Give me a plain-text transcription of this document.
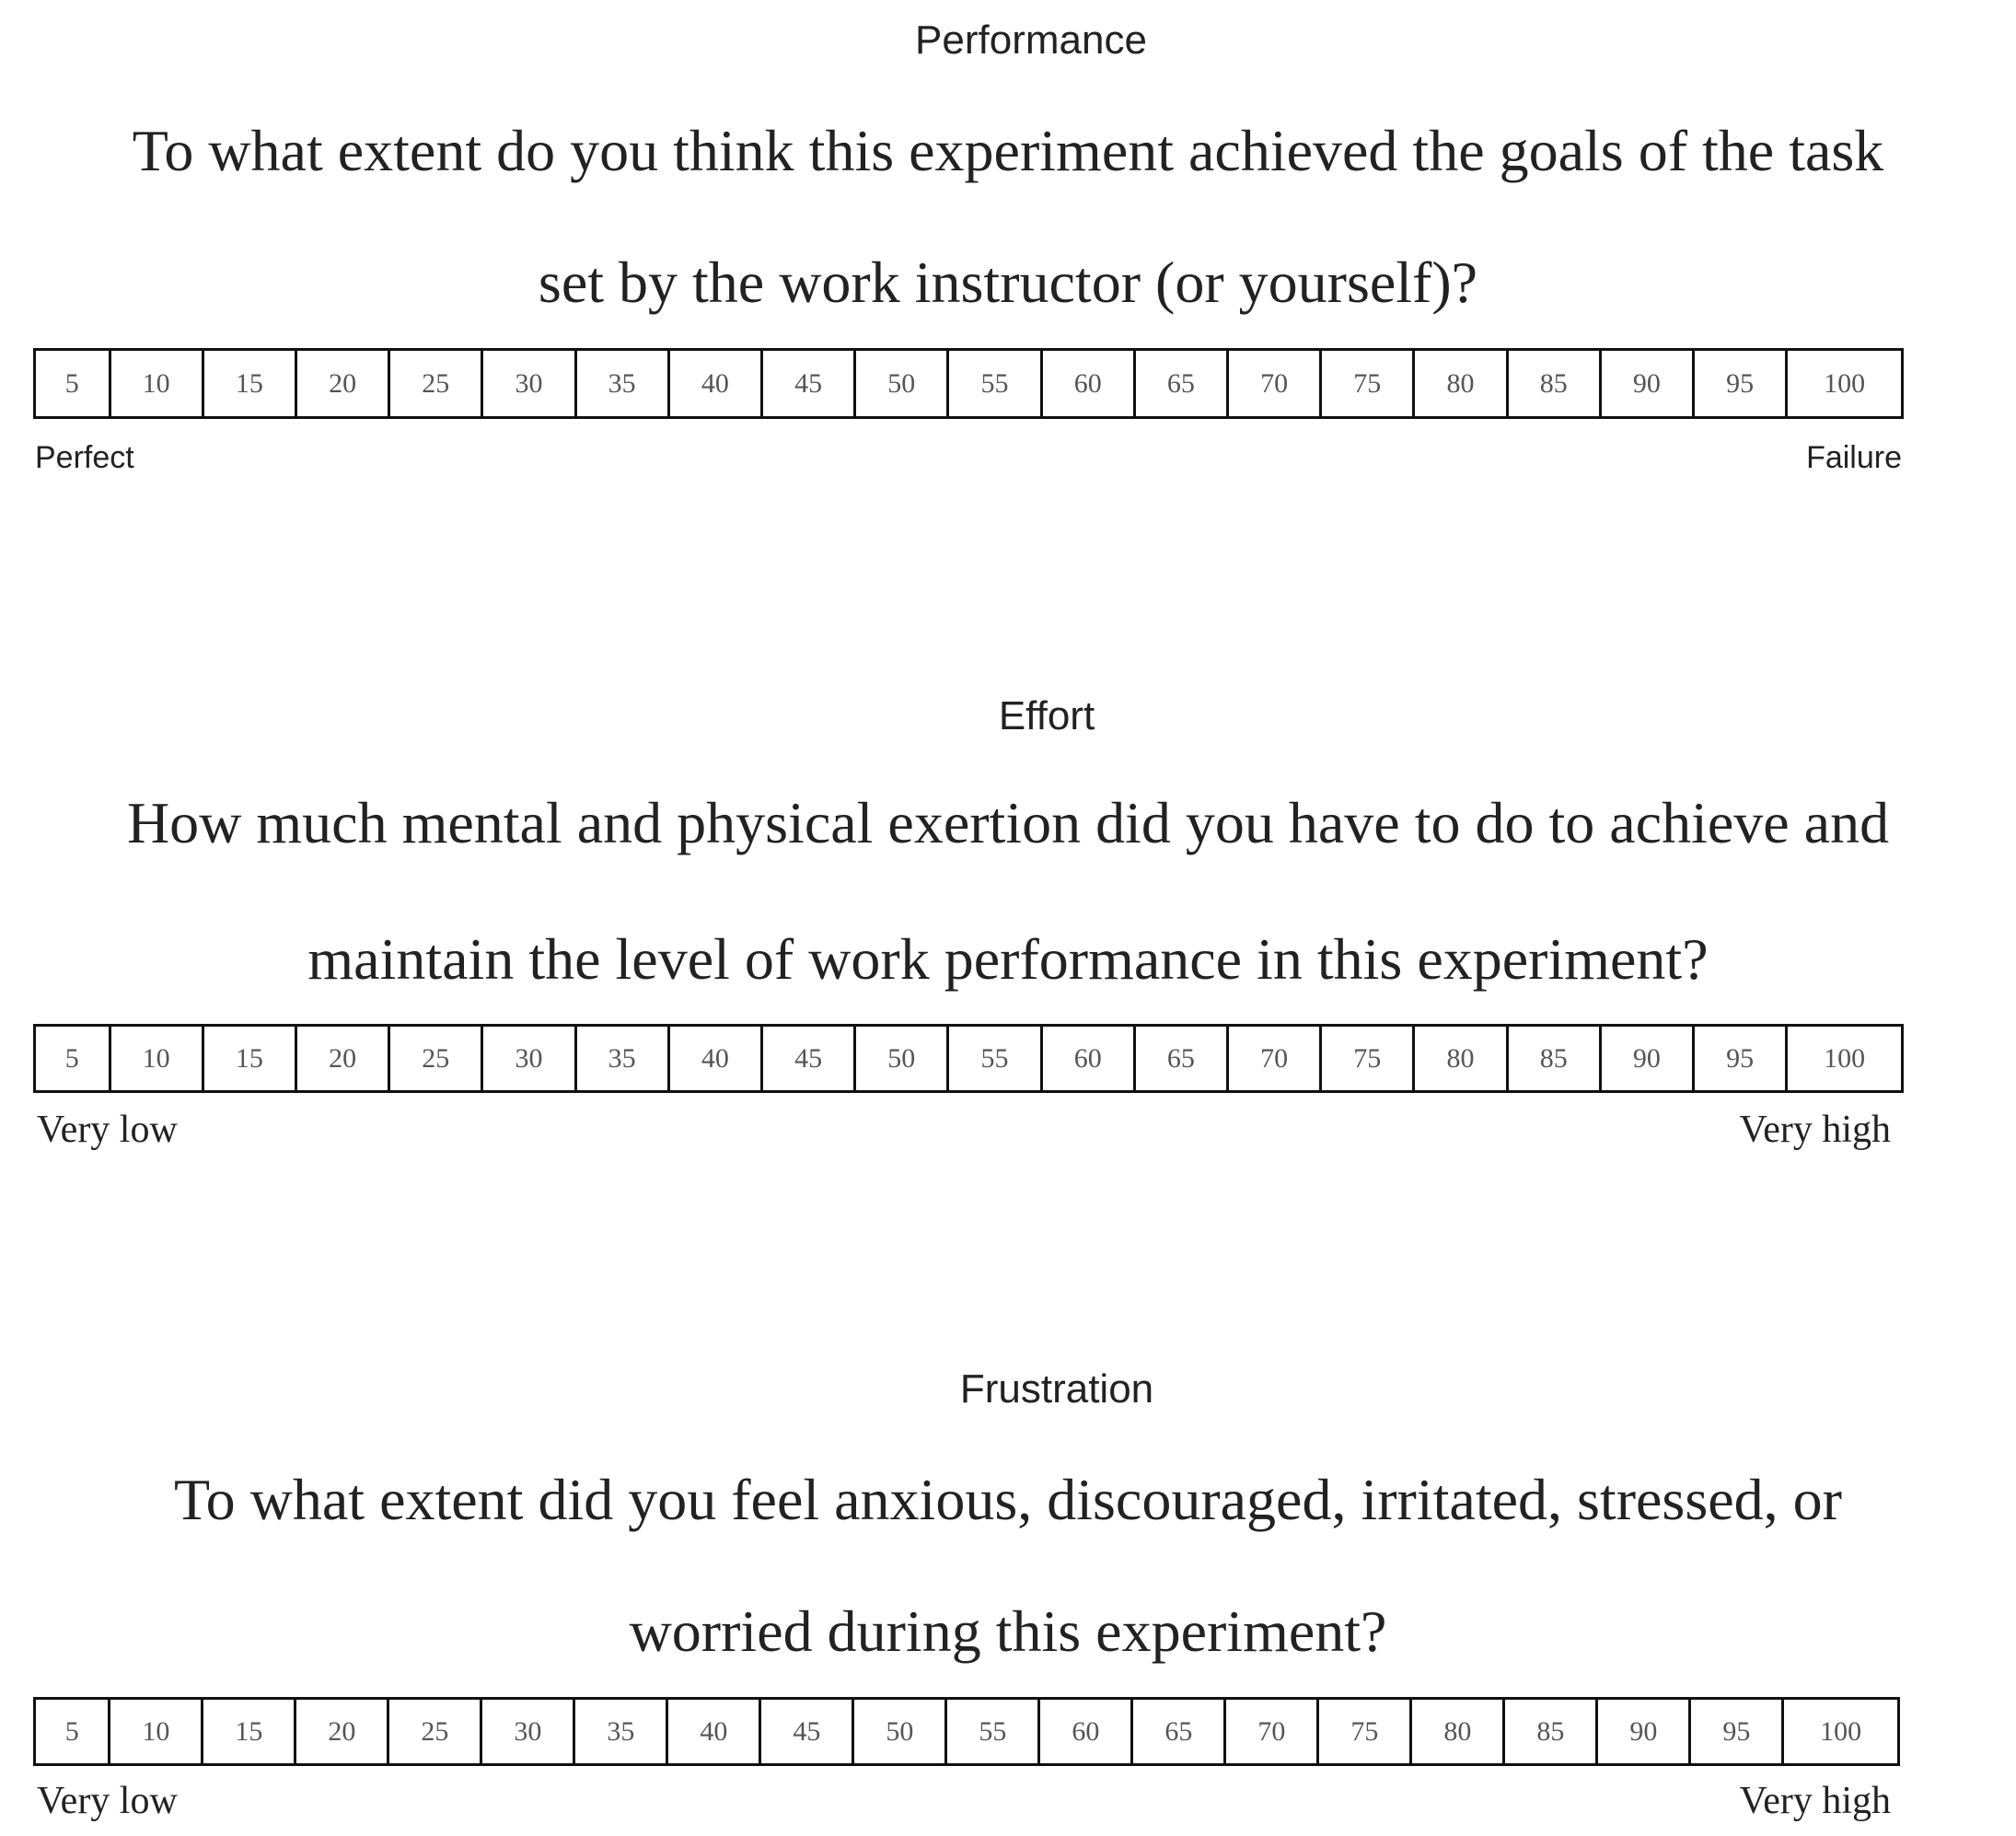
Performance
To what extent do you think this experiment achieved the goals of the task
set by the work instructor (or yourself)?
5	10	15	20	25	30	35	40	45	50	55	60	65	70	75	80	85	90	95	100
Perfect	Failure
Effort
How much mental and physical exertion did you have to do to achieve and
maintain the level of work performance in this experiment?
5	10	15	20	25	30	35	40	45	50	55	60	65	70	75	80	85	90	95	100
Very low	Very high
Frustration
To what extent did you feel anxious, discouraged, irritated, stressed, or
worried during this experiment?
5	10	15	20	25	30	35	40	45	50	55	60	65	70	75	80	85	90	95	100
Very low	Very high
